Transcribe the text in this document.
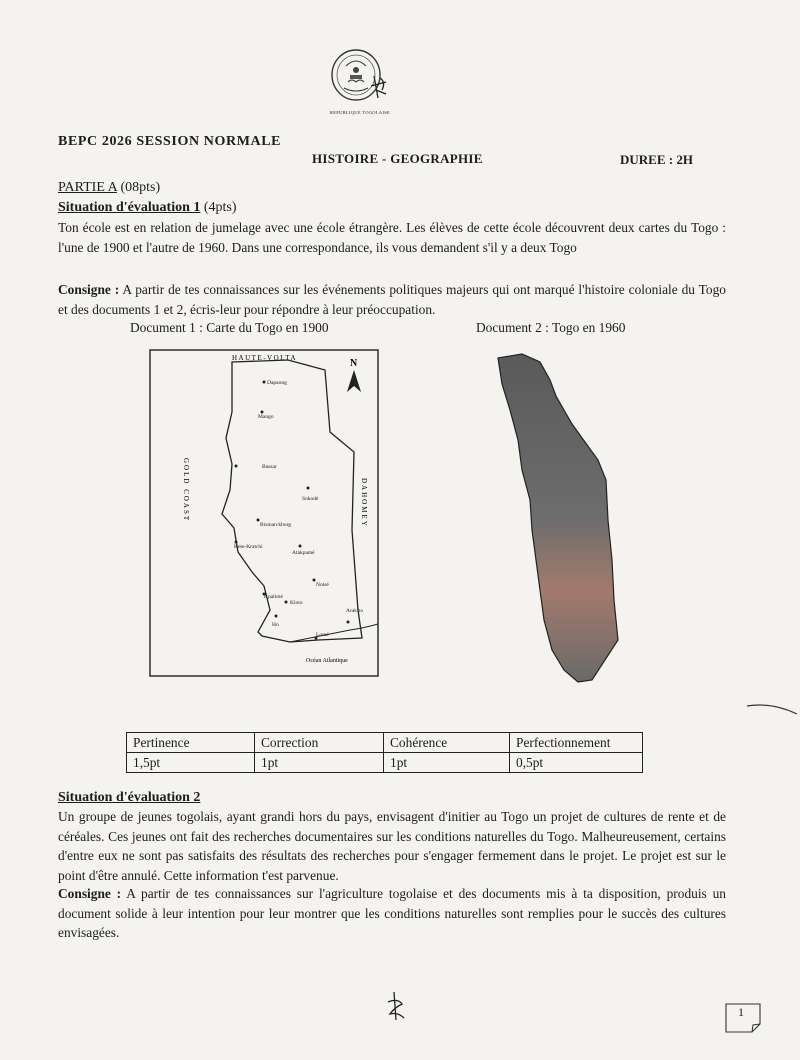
REPUBLIQUE TOGOLAISE
BEPC 2026 SESSION NORMALE
HISTOIRE - GEOGRAPHIE	DUREE : 2H
PARTIE A (08pts)
Situation d'évaluation 1 (4pts)
Ton école est en relation de jumelage avec une école étrangère. Les élèves de cette école découvrent deux cartes du Togo : l'une de 1900 et l'autre de 1960. Dans une correspondance, ils vous demandent s'il y a deux Togo
Consigne : A partir de tes connaissances sur les événements politiques majeurs qui ont marqué l'histoire coloniale du Togo et des documents 1 et 2, écris-leur pour répondre à leur préoccupation.
Document 1 : Carte du Togo en 1900	Document 2 : Togo en 1960
HAUTE-VOLTA	N
GOLD COAST	DAHOMEY
Dapaong
Mango
Bassar
Sokodé
Bismarckburg
Kete-Kratchi
Atakpamé
Kpalimé
Notsé
Ho
Lomé
Anécho
Kloto
Océan Atlantique
Pertinence	Correction	Cohérence	Perfectionnement
1,5pt	1pt	1pt	0,5pt
Situation d'évaluation 2
Un groupe de jeunes togolais, ayant grandi hors du pays, envisagent d'initier au Togo un projet de cultures de rente et de céréales. Ces jeunes ont fait des recherches documentaires sur les conditions naturelles du Togo. Malheureusement, certains d'entre eux ne sont pas satisfaits des résultats des recherches pour s'engager fermement dans le projet. Le projet est sur le point d'être annulé. Cette information t'est parvenue.
Consigne : A partir de tes connaissances sur l'agriculture togolaise et des documents mis à ta disposition, produis un document solide à leur intention pour leur montrer que les conditions naturelles sont remplies pour le succès des cultures envisagées.
1
